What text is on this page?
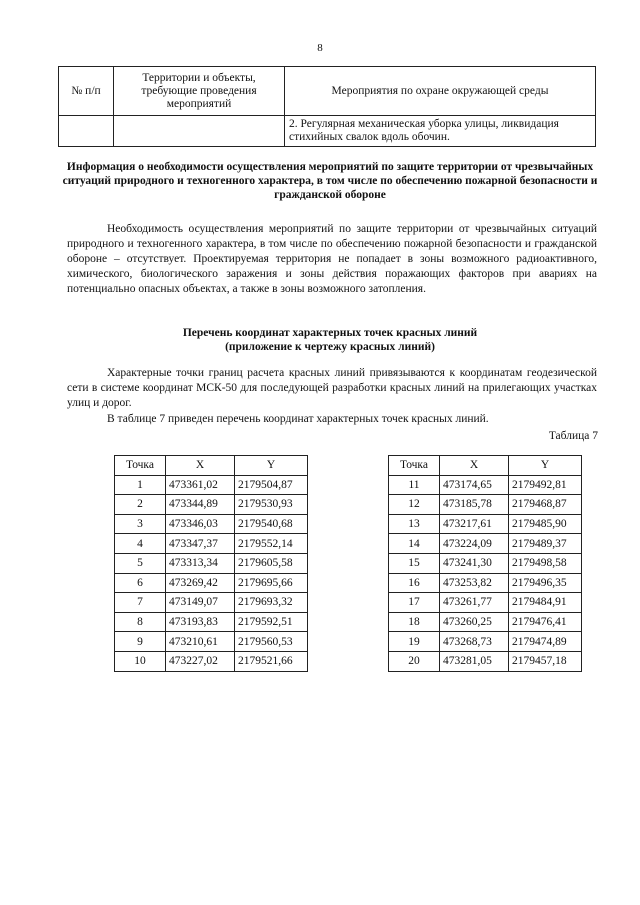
8
№ п/п	Территории и объекты, требующие проведения мероприятий	Мероприятия по охране окружающей среды
		2. Регулярная механическая уборка улицы, ликвидация стихийных свалок вдоль обочин.
Информация о необходимости осуществления мероприятий по защите территории от чрезвычайных ситуаций природного и техногенного характера, в том числе по обеспечению пожарной безопасности и гражданской обороне

Необходимость осуществления мероприятий по защите территории от чрезвычайных ситуаций природного и техногенного характера, в том числе по обеспечению пожарной безопасности и гражданской обороне – отсутствует. Проектируемая территория не попадает в зоны возможного радиоактивного, химического, биологического заражения и зоны действия поражающих факторов при авариях на потенциально опасных объектах, а также в зоны возможного затопления.

Перечень координат характерных точек красных линий (приложение к чертежу красных линий)

Характерные точки границ расчета красных линий привязываются к координатам геодезической сети в системе координат МСК-50 для последующей разработки красных линий на прилегающих участках улиц и дорог.

В таблице 7 приведен перечень координат характерных точек красных линий.

Таблица 7
Точка	X	Y
1	473361,02	2179504,87
2	473344,89	2179530,93
3	473346,03	2179540,68
4	473347,37	2179552,14
5	473313,34	2179605,58
6	473269,42	2179695,66
7	473149,07	2179693,32
8	473193,83	2179592,51
9	473210,61	2179560,53
10	473227,02	2179521,66
Точка	X	Y
11	473174,65	2179492,81
12	473185,78	2179468,87
13	473217,61	2179485,90
14	473224,09	2179489,37
15	473241,30	2179498,58
16	473253,82	2179496,35
17	473261,77	2179484,91
18	473260,25	2179476,41
19	473268,73	2179474,89
20	473281,05	2179457,18
